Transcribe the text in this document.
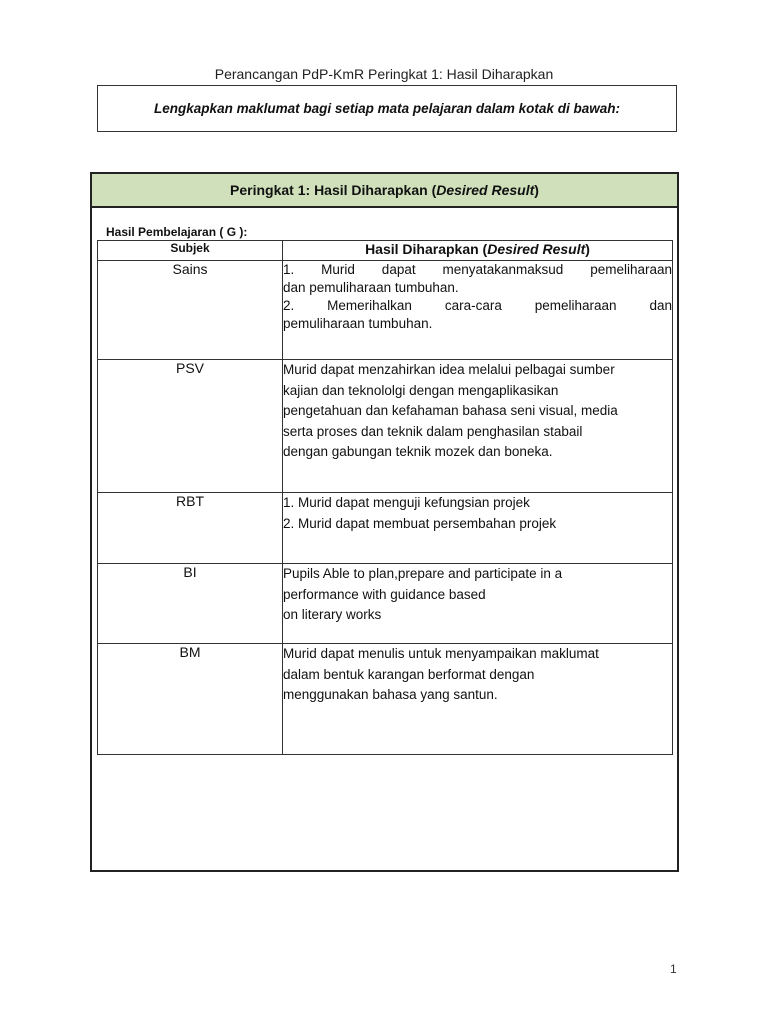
Perancangan PdP-KmR Peringkat 1: Hasil Diharapkan
Lengkapkan maklumat bagi setiap mata pelajaran dalam kotak di bawah:
Peringkat 1: Hasil Diharapkan ( Desired Result )
Hasil Pembelajaran ( G ):
Subjek	Hasil Diharapkan (Desired Result)
Sains	1. Murid dapat menyatakanmaksud pemeliharaan
dan pemuliharaan tumbuhan.
2. Memerihalkan cara-cara pemeliharaan dan
pemuliharaan tumbuhan.

PSV	Murid dapat menzahirkan idea melalui pelbagai sumber
kajian dan teknololgi dengan mengaplikasikan
pengetahuan dan kefahaman bahasa seni visual, media
serta proses dan teknik dalam penghasilan stabail
dengan gabungan teknik mozek dan boneka.

RBT	1. Murid dapat menguji kefungsian projek
2. Murid dapat membuat persembahan projek

BI	Pupils Able to plan,prepare and participate in a
performance with guidance based
on literary works

BM	Murid dapat menulis untuk menyampaikan maklumat
dalam bentuk karangan berformat dengan
menggunakan bahasa yang santun.
1
